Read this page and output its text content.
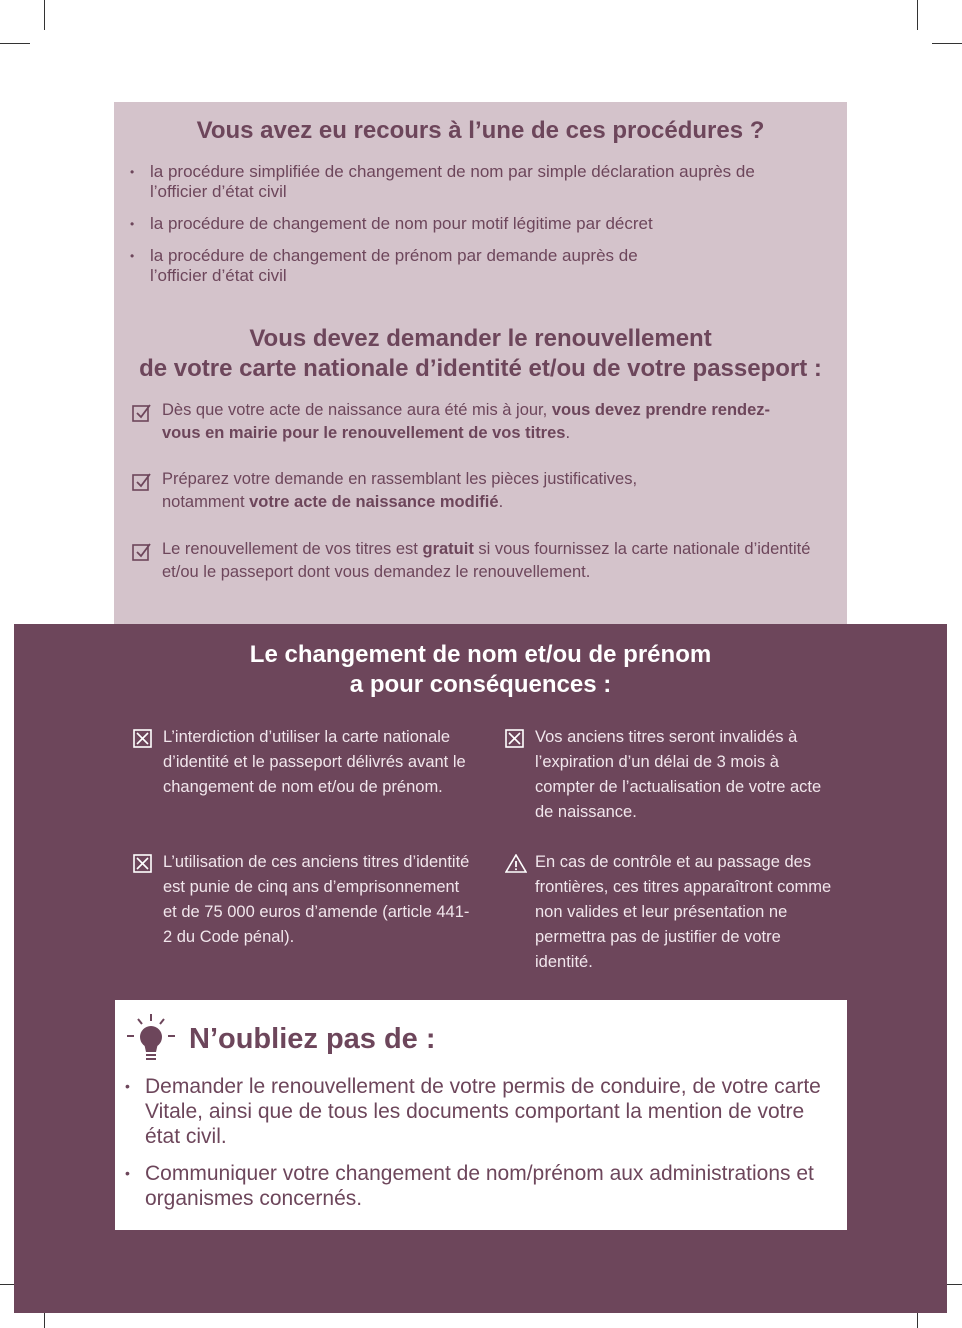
Vous avez eu recours à l’une de ces procédures ?

• la procédure simplifiée de changement de nom par simple déclaration auprès de l’officier d’état civil

• la procédure de changement de nom pour motif légitime par décret

• la procédure de changement de prénom par demande auprès de l’officier d’état civil

Vous devez demander le renouvellement
de votre carte nationale d’identité et/ou de votre passeport :
Dès que votre acte de naissance aura été mis à jour, vous devez prendre rendez-vous en mairie pour le renouvellement de vos titres.
Préparez votre demande en rassemblant les pièces justificatives, notamment votre acte de naissance modifié.
Le renouvellement de vos titres est gratuit si vous fournissez la carte nationale d’identité et/ou le passeport dont vous demandez le renouvellement.
Le changement de nom et/ou de prénom
a pour conséquences :
L’interdiction d’utiliser la carte nationale d’identité et le passeport délivrés avant le changement de nom et/ou de prénom.
Vos anciens titres seront invalidés à l’expiration d’un délai de 3 mois à compter de l’actualisation de votre acte de naissance.
L’utilisation de ces anciens titres d’identité est punie de cinq ans d’emprisonnement et de 75 000 euros d’amende (article 441-2 du Code pénal).
En cas de contrôle et au passage des frontières, ces titres apparaîtront comme non valides et leur présentation ne permettra pas de justifier de votre identité.
N’oubliez pas de :

• Demander le renouvellement de votre permis de conduire, de votre carte Vitale, ainsi que de tous les documents comportant la mention de votre état civil.

• Communiquer votre changement de nom/prénom aux administrations et organismes concernés.
